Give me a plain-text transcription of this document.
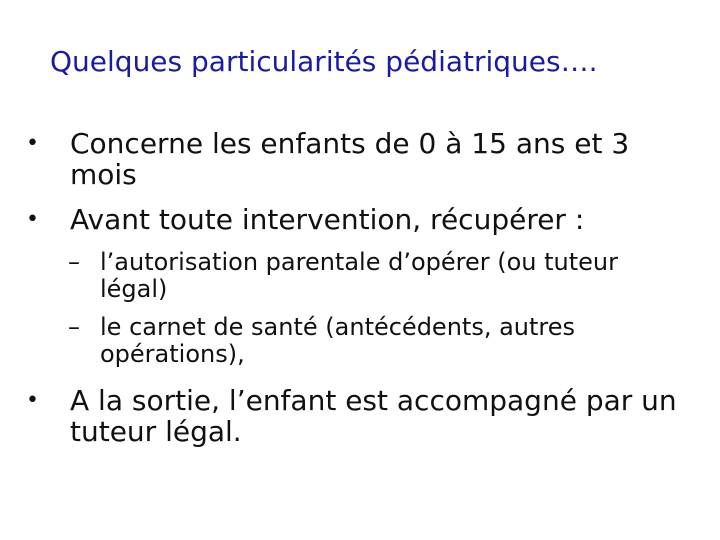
Quelques particularités pédiatriques….
•	Concerne les enfants de 0 à 15 ans et 3 mois
•	Avant toute intervention, récupérer :
– l’autorisation parentale d’opérer (ou tuteur légal)
– le carnet de santé (antécédents, autres opérations),
•	A la sortie, l’enfant est accompagné par un tuteur légal.
